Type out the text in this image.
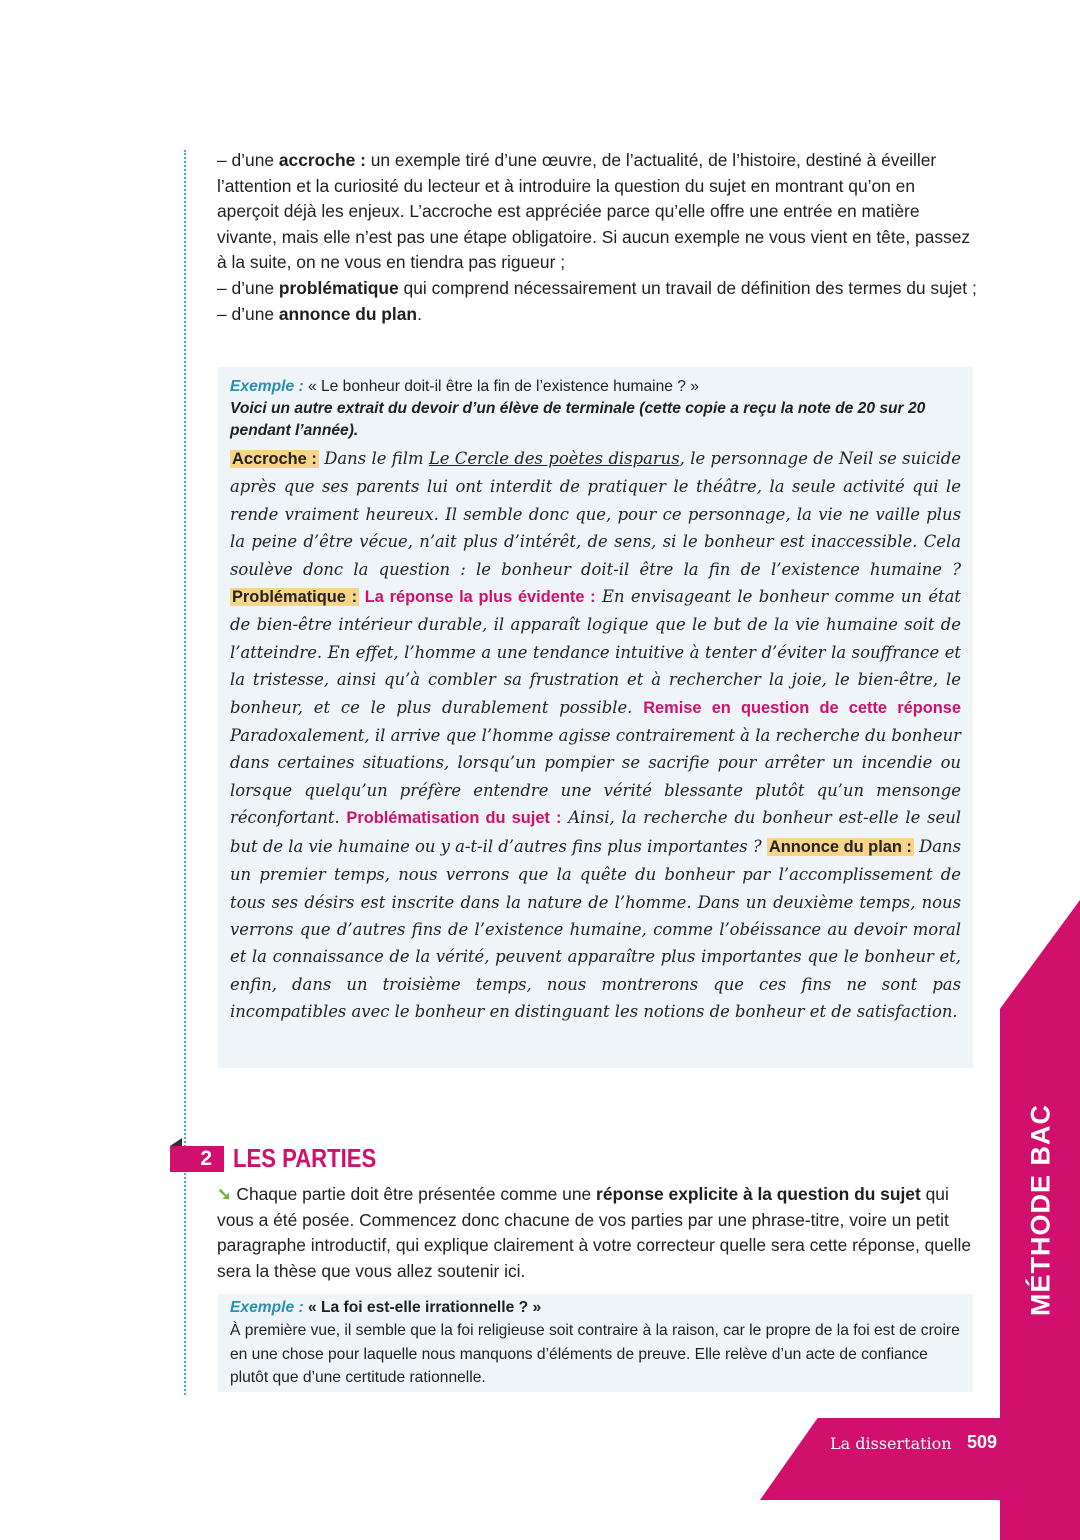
– d’une accroche : un exemple tiré d’une œuvre, de l’actualité, de l’histoire, destiné à éveiller l’attention et la curiosité du lecteur et à introduire la question du sujet en montrant qu’on en aperçoit déjà les enjeux. L’accroche est appréciée parce qu’elle offre une entrée en matière vivante, mais elle n’est pas une étape obligatoire. Si aucun exemple ne vous vient en tête, passez à la suite, on ne vous en tiendra pas rigueur ;

– d’une problématique qui comprend nécessairement un travail de définition des termes du sujet ;

– d’une annonce du plan.

Exemple : « Le bonheur doit-il être la fin de l’existence humaine ? »
Voici un autre extrait du devoir d’un élève de terminale (cette copie a reçu la note de 20 sur 20 pendant l’année).
Accroche : Dans le film Le Cercle des poètes disparus, le personnage de Neil se suicide après que ses parents lui ont interdit de pratiquer le théâtre, la seule activité qui le rende vraiment heureux. Il semble donc que, pour ce personnage, la vie ne vaille plus la peine d’être vécue, n’ait plus d’intérêt, de sens, si le bonheur est inaccessible. Cela soulève donc la question : le bonheur doit-il être la fin de l’existence humaine ? Problématique : La réponse la plus évidente : En envisageant le bonheur comme un état de bien-être intérieur durable, il apparaît logique que le but de la vie humaine soit de l’atteindre. En effet, l’homme a une tendance intuitive à tenter d’éviter la souffrance et la tristesse, ainsi qu’à combler sa frustration et à rechercher la joie, le bien-être, le bonheur, et ce le plus durablement possible. Remise en question de cette réponse Paradoxalement, il arrive que l’homme agisse contrairement à la recherche du bonheur dans certaines situations, lorsqu’un pompier se sacrifie pour arrêter un incendie ou lorsque quelqu’un préfère entendre une vérité blessante plutôt qu’un mensonge réconfortant. Problématisation du sujet : Ainsi, la recherche du bonheur est-elle le seul but de la vie humaine ou y a-t-il d’autres fins plus importantes ? Annonce du plan : Dans un premier temps, nous verrons que la quête du bonheur par l’accomplissement de tous ses désirs est inscrite dans la nature de l’homme. Dans un deuxième temps, nous verrons que d’autres fins de l’existence humaine, comme l’obéissance au devoir moral et la connaissance de la vérité, peuvent apparaître plus importantes que le bonheur et, enfin, dans un troisième temps, nous montrerons que ces fins ne sont pas incompatibles avec le bonheur en distinguant les notions de bonheur et de satisfaction.
2 LES PARTIES

➘ Chaque partie doit être présentée comme une réponse explicite à la question du sujet qui vous a été posée. Commencez donc chacune de vos parties par une phrase-titre, voire un petit paragraphe introductif, qui explique clairement à votre correcteur quelle sera cette réponse, quelle sera la thèse que vous allez soutenir ici.

Exemple : « La foi est-elle irrationnelle ? »
À première vue, il semble que la foi religieuse soit contraire à la raison, car le propre de la foi est de croire en une chose pour laquelle nous manquons d’éléments de preuve. Elle relève d’un acte de confiance plutôt que d’une certitude rationnelle.
MÉTHODE BAC
La dissertation 509
